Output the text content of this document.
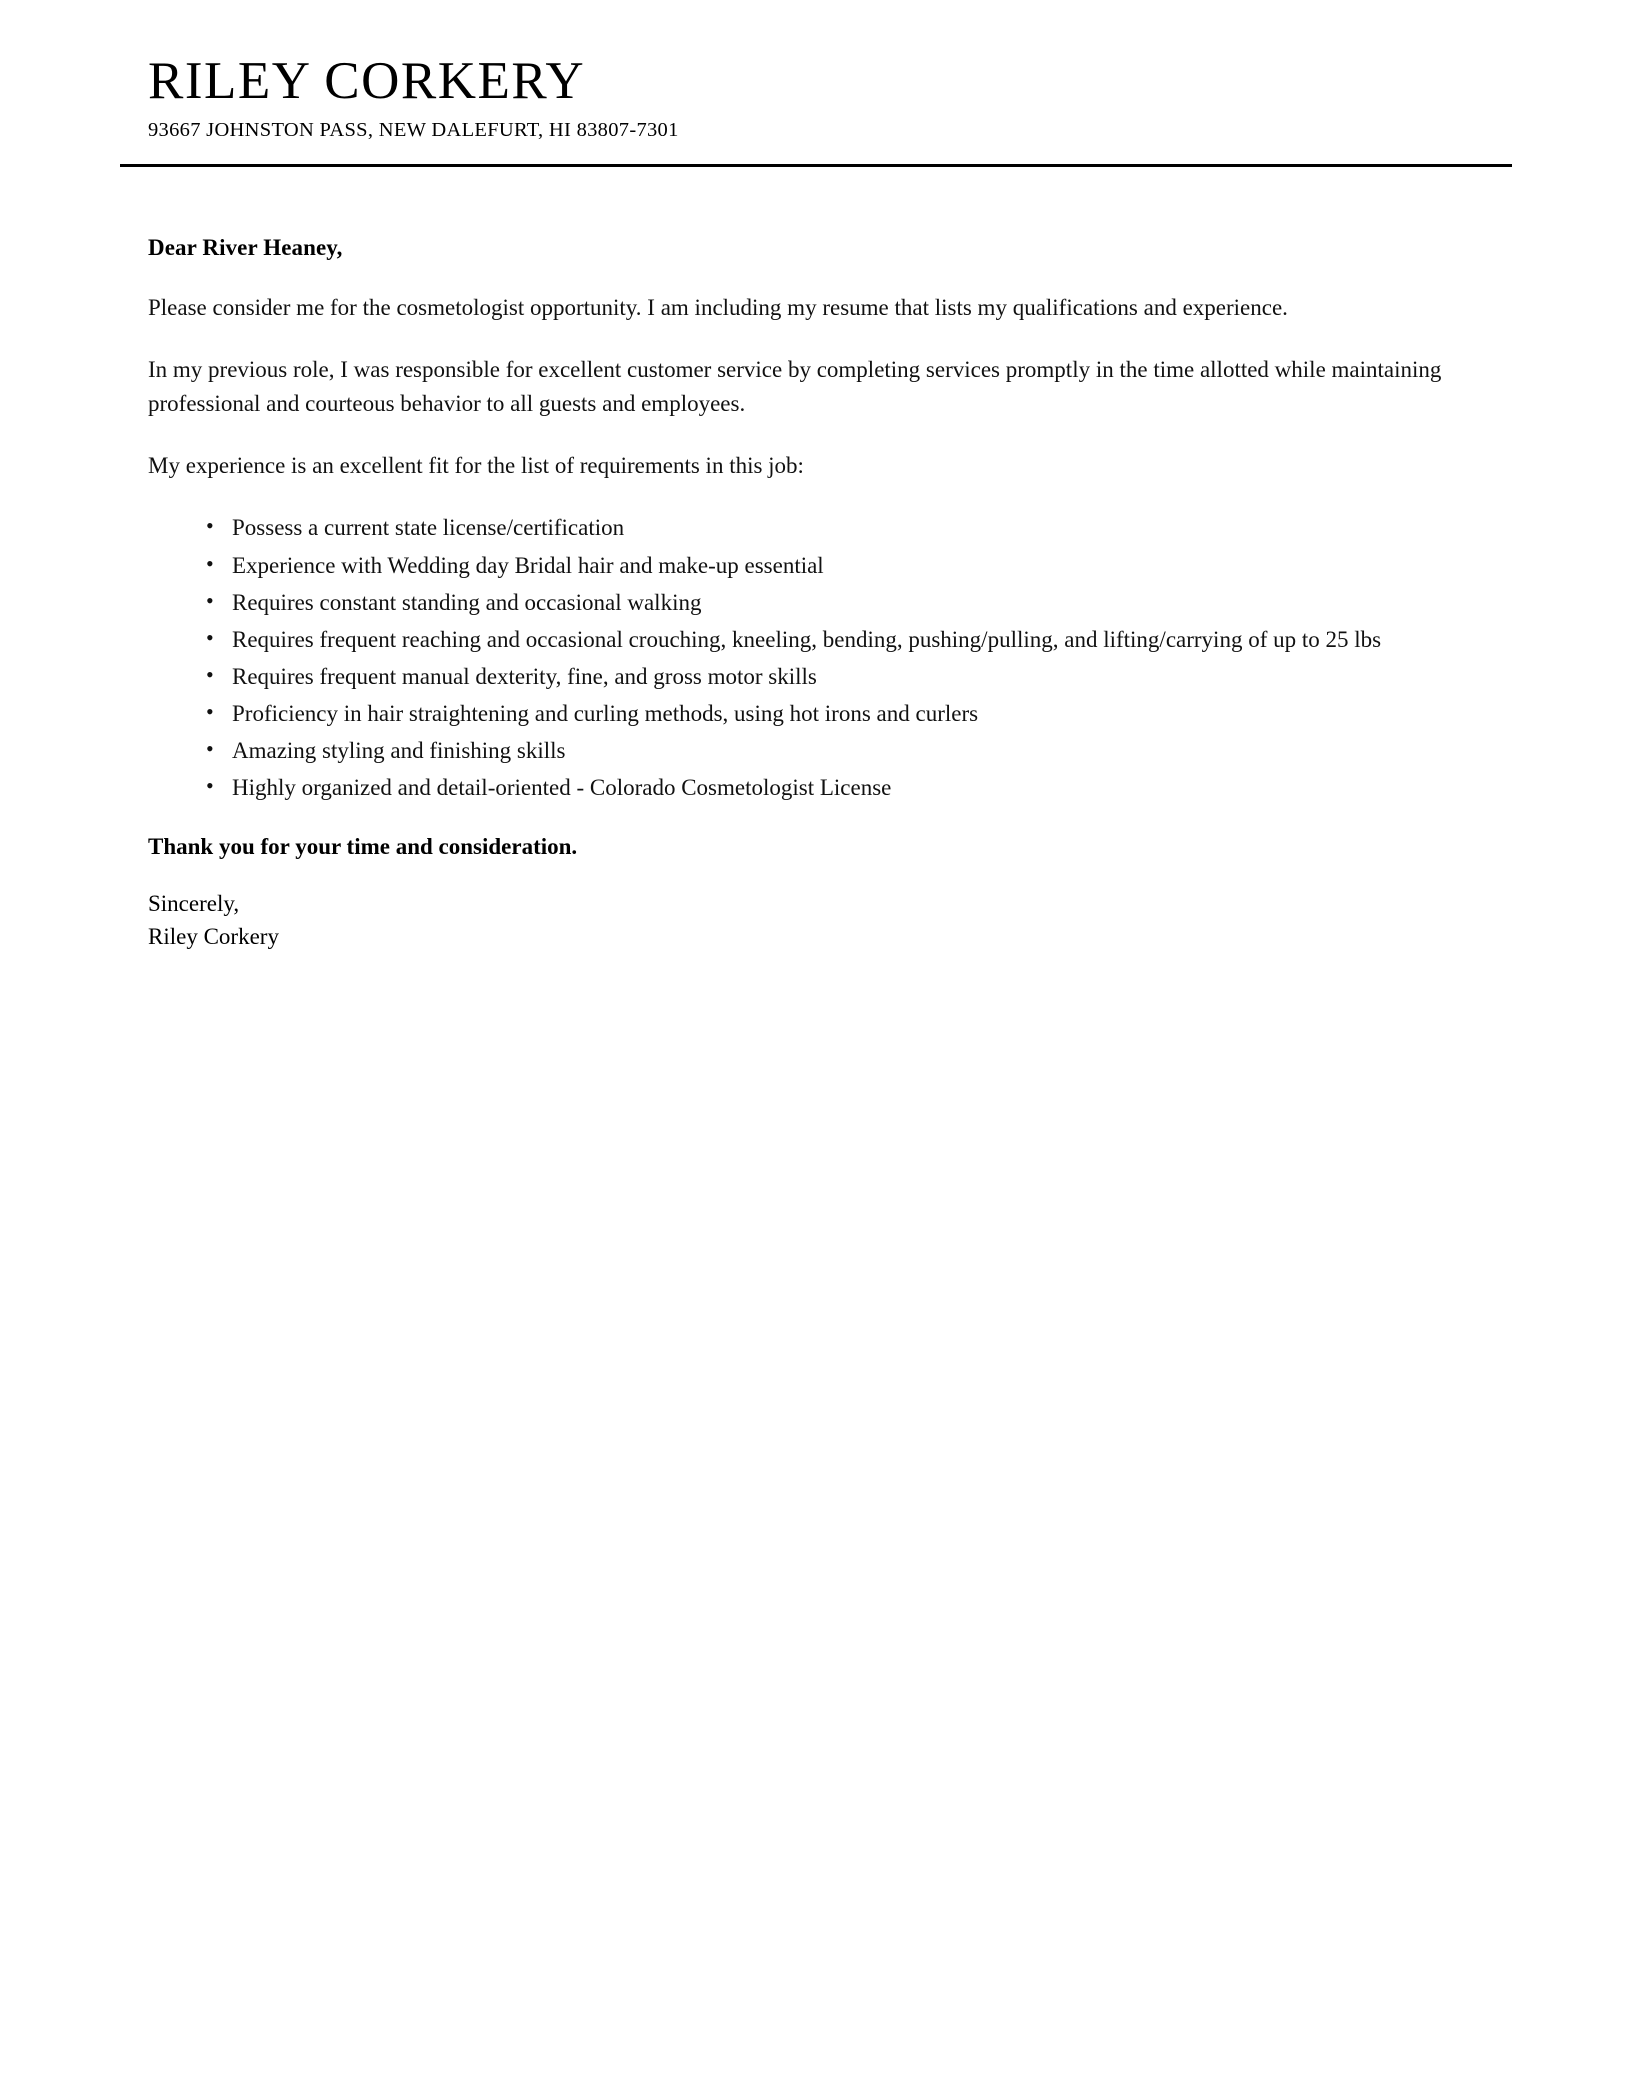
RILEY CORKERY

93667 JOHNSTON PASS, NEW DALEFURT, HI 83807-7301

Dear River Heaney,

Please consider me for the cosmetologist opportunity. I am including my resume that lists my qualifications and experience.

In my previous role, I was responsible for excellent customer service by completing services promptly in the time allotted while maintaining professional and courteous behavior to all guests and employees.

My experience is an excellent fit for the list of requirements in this job:

• Possess a current state license/certification
• Experience with Wedding day Bridal hair and make-up essential
• Requires constant standing and occasional walking
• Requires frequent reaching and occasional crouching, kneeling, bending, pushing/pulling, and lifting/carrying of up to 25 lbs
• Requires frequent manual dexterity, fine, and gross motor skills
• Proficiency in hair straightening and curling methods, using hot irons and curlers
• Amazing styling and finishing skills
• Highly organized and detail-oriented - Colorado Cosmetologist License

Thank you for your time and consideration.

Sincerely,
Riley Corkery
